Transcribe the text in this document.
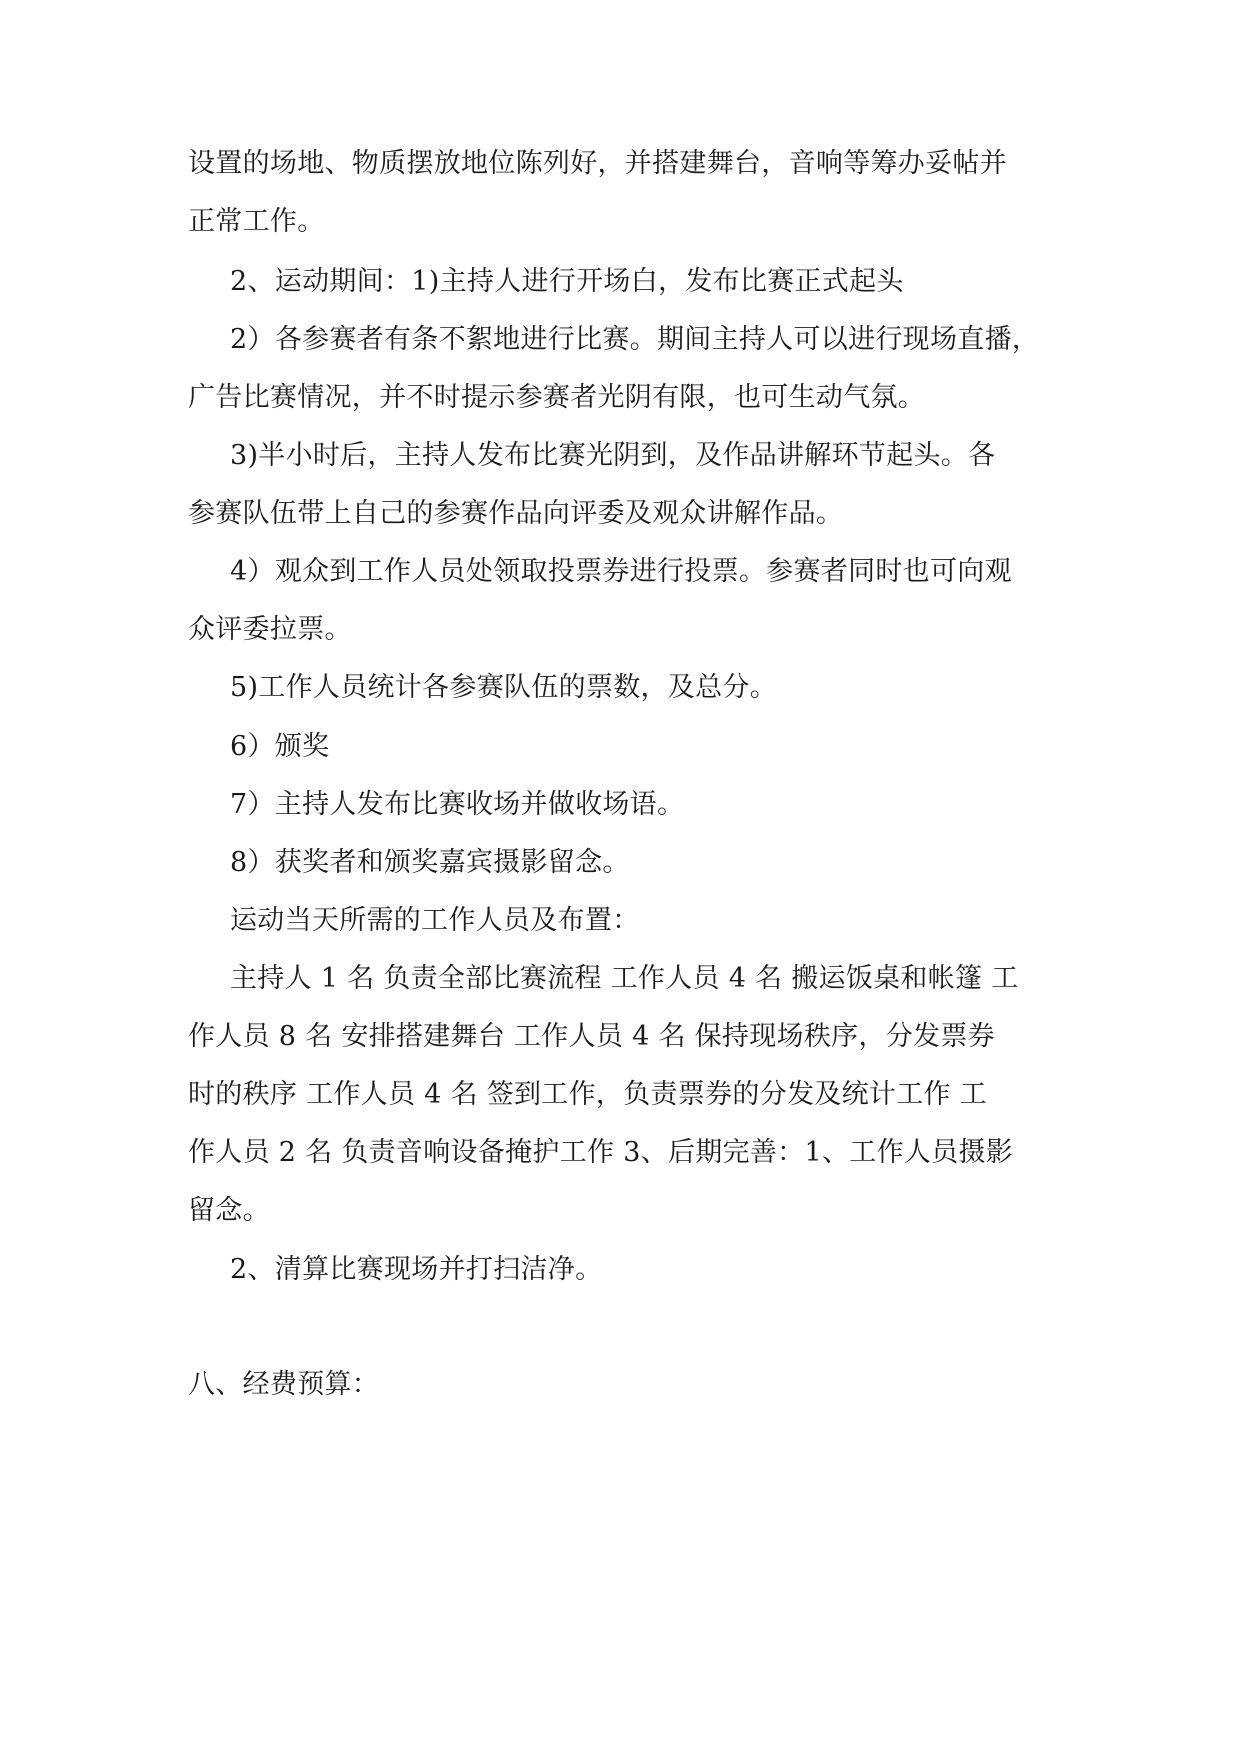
设置的场地、物质摆放地位陈列好，并搭建舞台，音响等筹办妥帖并
正常工作。
2、运动期间：1)主持人进行开场白，发布比赛正式起头
2）各参赛者有条不絮地进行比赛。期间主持人可以进行现场直播，
广告比赛情况，并不时提示参赛者光阴有限，也可生动气氛。
3)半小时后，主持人发布比赛光阴到，及作品讲解环节起头。各
参赛队伍带上自己的参赛作品向评委及观众讲解作品。
4）观众到工作人员处领取投票券进行投票。参赛者同时也可向观
众评委拉票。
5)工作人员统计各参赛队伍的票数，及总分。
6）颁奖
7）主持人发布比赛收场并做收场语。
8）获奖者和颁奖嘉宾摄影留念。
运动当天所需的工作人员及布置：
主持人 1 名 负责全部比赛流程 工作人员 4 名 搬运饭桌和帐篷 工
作人员 8 名 安排搭建舞台 工作人员 4 名 保持现场秩序，分发票券
时的秩序 工作人员 4 名 签到工作，负责票券的分发及统计工作 工
作人员 2 名 负责音响设备掩护工作 3、后期完善：1、工作人员摄影
留念。
2、清算比赛现场并打扫洁净。
八、经费预算：
